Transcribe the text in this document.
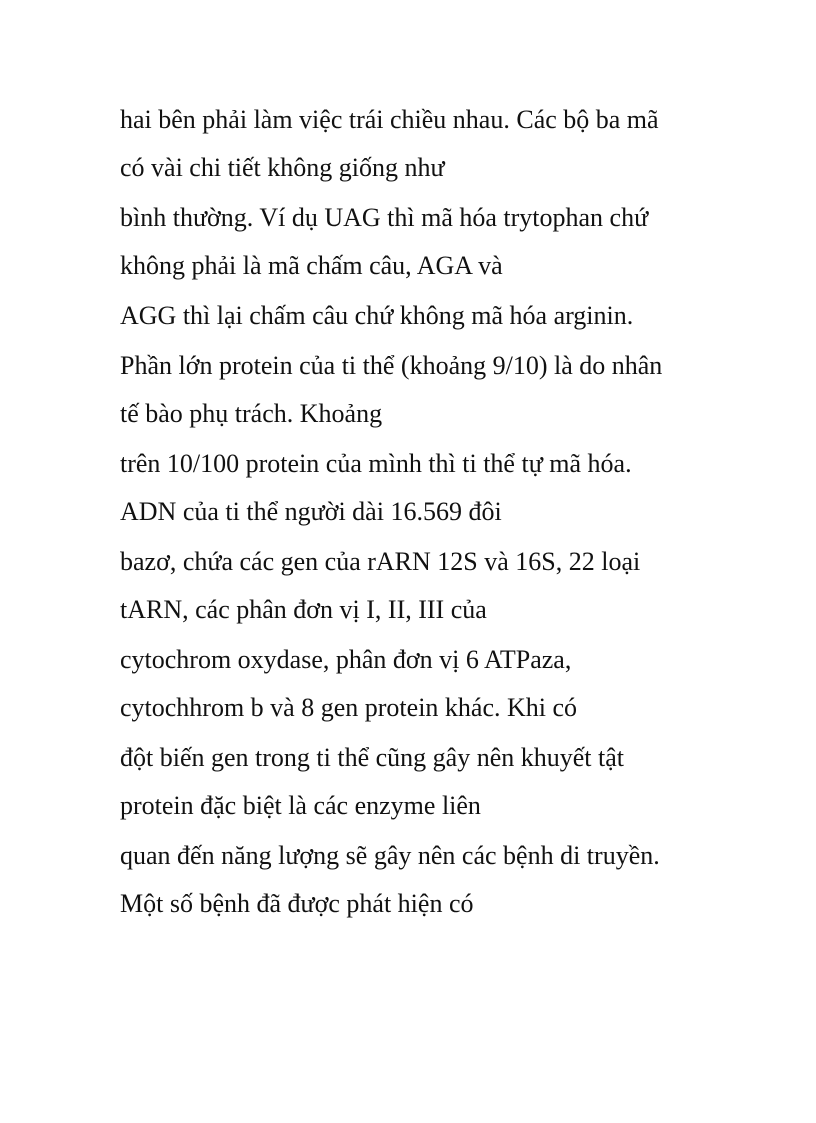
hai bên phải làm việc trái chiều nhau. Các bộ ba mã
có vài chi tiết không giống như

bình thường. Ví dụ UAG thì mã hóa trytophan chứ
không phải là mã chấm câu, AGA và

AGG thì lại chấm câu chứ không mã hóa arginin.

Phần lớn protein của ti thể (khoảng 9/10) là do nhân
tế bào phụ trách. Khoảng

trên 10/100 protein của mình thì ti thể tự mã hóa.
ADN của ti thể người dài 16.569 đôi

bazơ, chứa các gen của rARN 12S và 16S, 22 loại
tARN, các phân đơn vị I, II, III của

cytochrom oxydase, phân đơn vị 6 ATPaza,
cytochhrom b và 8 gen protein khác. Khi có

đột biến gen trong ti thể cũng gây nên khuyết tật
protein đặc biệt là các enzyme liên

quan đến năng lượng sẽ gây nên các bệnh di truyền.
Một số bệnh đã được phát hiện có
